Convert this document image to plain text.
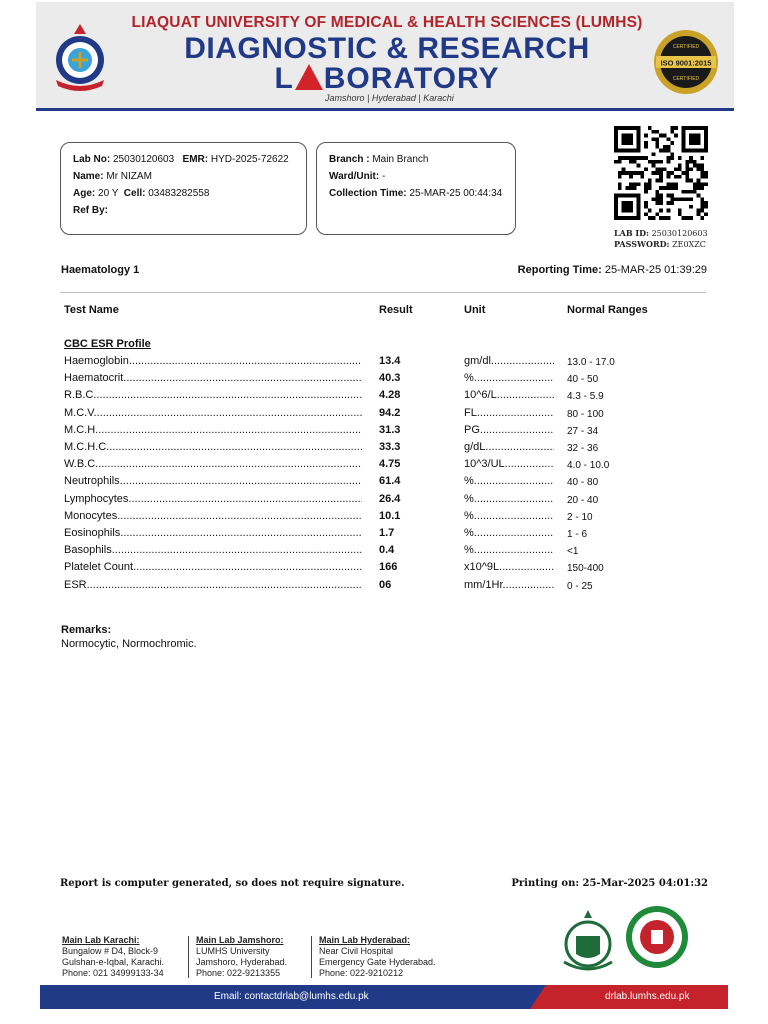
LIAQUAT UNIVERSITY OF MEDICAL & HEALTH SCIENCES (LUMHS)
DIAGNOSTIC & RESEARCH
L BORATORY
Jamshoro | Hyderabad | Karachi
ISO 9001:2015
CERTIFIED
CERTIFIED
Lab No: 25030120603 EMR: HYD-2025-72622
Name: Mr NIZAM
Age: 20 Y Cell: 03483282558
Ref By:
Branch : Main Branch
Ward/Unit: -
Collection Time: 25-MAR-25 00:44:34
LAB ID: 25030120603
PASSWORD: ZE0XZC
Haematology 1	Reporting Time: 25-MAR-25 01:39:29
Test Name	Result	Unit	Normal Ranges
CBC ESR Profile
Haemoglobin .....	13.4	gm/dl .....	13.0 - 17.0
Haematocrit .....	40.3	% .....	40 - 50
R.B.C. .....	4.28	10^6/L .....	4.3 - 5.9
M.C.V. .....	94.2	FL .....	80 - 100
M.C.H. .....	31.3	PG .....	27 - 34
M.C.H.C. .....	33.3	g/dL .....	32 - 36
W.B.C. .....	4.75	10^3/UL .....	4.0 - 10.0
Neutrophils .....	61.4	% .....	40 - 80
Lymphocytes .....	26.4	% .....	20 - 40
Monocytes .....	10.1	% .....	2 - 10
Eosinophils .....	1.7	% .....	1 - 6
Basophils .....	0.4	% .....	<1
Platelet Count .....	166	x10^9L .....	150-400
ESR .....	06	mm/1Hr .....	0 - 25
Remarks:
Normocytic, Normochromic.
Report is computer generated, so does not require signature.	Printing on: 25-Mar-2025 04:01:32
Main Lab Karachi:
Bungalow # D4, Block-9
Gulshan-e-Iqbal, Karachi.
Phone: 021 34999133-34
Main Lab Jamshoro:
LUMHS University
Jamshoro, Hyderabad.
Phone: 022-9213355
Main Lab Hyderabad:
Near Civil Hospital
Emergency Gate Hyderabad.
Phone: 022-9210212
Email: contactdrlab@lumhs.edu.pk	drlab.lumhs.edu.pk
